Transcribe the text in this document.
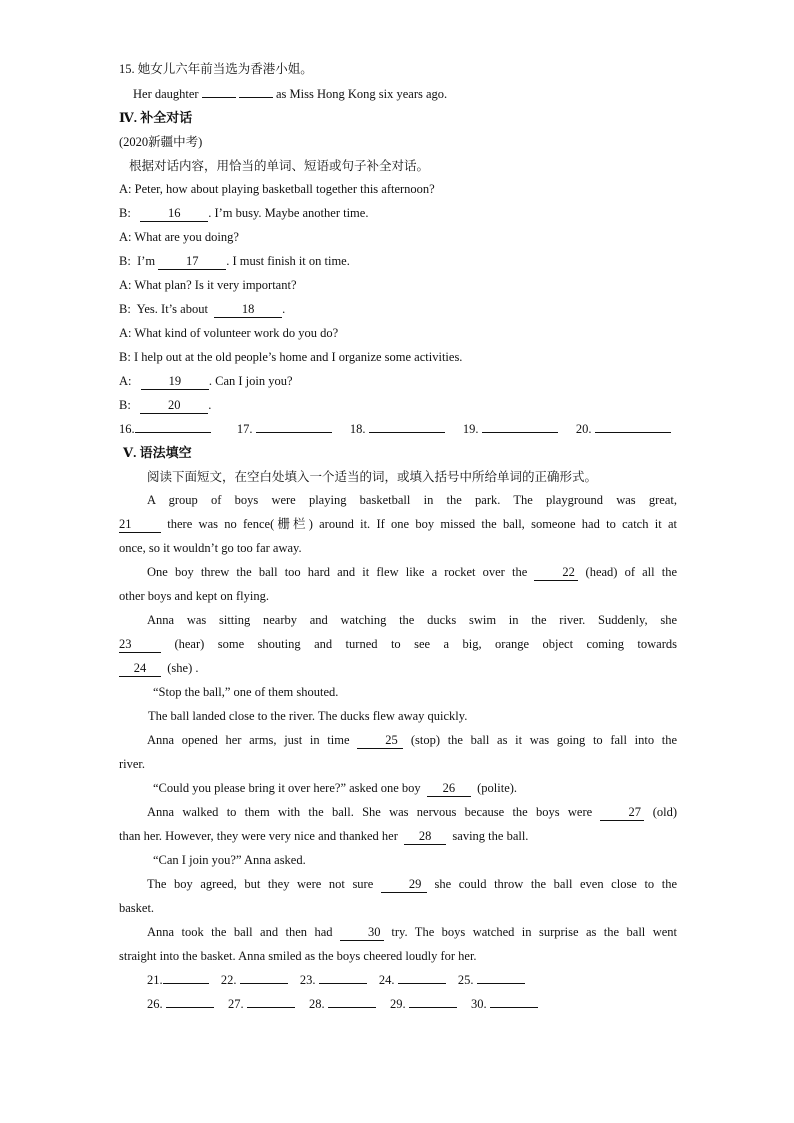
15. 她女儿六年前当选为香港小姐。
Her daughter	as Miss Hong Kong six years ago.
Ⅳ. 补全对话
(2020新疆中考)
根据对话内容，用恰当的单词、短语或句子补全对话。
A: Peter, how about playing basketball together this afternoon?
B:	16 . I’m busy. Maybe another time.
A: What are you doing?
B: I’m 17 . I must finish it on time.
A: What plan? Is it very important?
B: Yes. It’s about	18 .
A: What kind of volunteer work do you do?
B: I help out at the old people’s home and I organize some activities.
A:	19 . Can I join you?
B:	20 .
16.	17.	18.	19.	20.
Ⅴ. 语法填空
阅读下面短文，在空白处填入一个适当的词，或填入括号中所给单词的正确形式。
A group of boys were playing basketball in the park. The playground was great,
21	there was no fence(栅栏) around it. If one boy missed the ball, someone had to catch it at
once, so it wouldn’t go too far away.
One boy threw the ball too hard and it flew like a rocket over the	22 (head) of all the
other boys and kept on flying.
Anna was sitting nearby and watching the ducks swim in the river. Suddenly, she
23	(hear) some shouting and turned to see a big, orange object coming towards
24 (she) .
“Stop the ball,” one of them shouted.
The ball landed close to the river. The ducks flew away quickly.
Anna opened her arms, just in time	25 (stop) the ball as it was going to fall into the
river.
“Could you please bring it over here?” asked one boy 26 (polite).
Anna walked to them with the ball. She was nervous because the boys were	27 (old)
than her. However, they were very nice and thanked her 28 saving the ball.
“Can I join you?” Anna asked.
The boy agreed, but they were not sure	29 she could throw the ball even close to the
basket.
Anna took the ball and then had	30 try. The boys watched in surprise as the ball went
straight into the basket. Anna smiled as the boys cheered loudly for her.
21.	22.	23.	24.	25.
26.	27.	28.	29.	30.
